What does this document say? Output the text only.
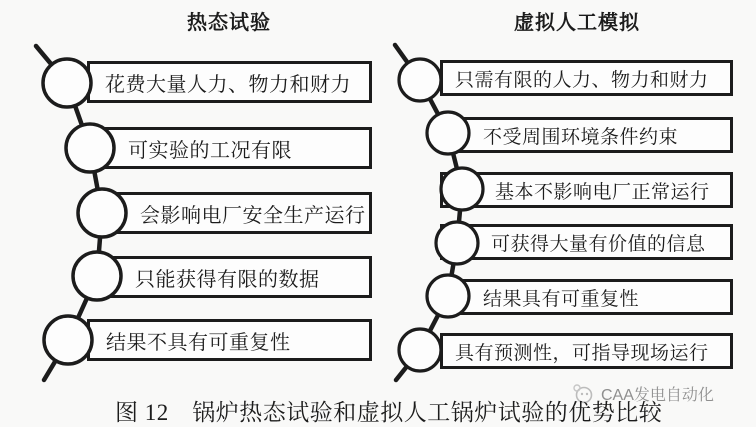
热态试验	虚拟人工模拟
花费大量人力、物力和财力
可实验的工况有限
会影响电厂安全生产运行
只能获得有限的数据
结果不具有可重复性
只需有限的人力、物力和财力
不受周围环境条件约束
基本不影响电厂正常运行
可获得大量有价值的信息
结果具有可重复性
具有预测性，可指导现场运行
CAA发电自动化
图 12　锅炉热态试验和虚拟人工锅炉试验的优势比较
